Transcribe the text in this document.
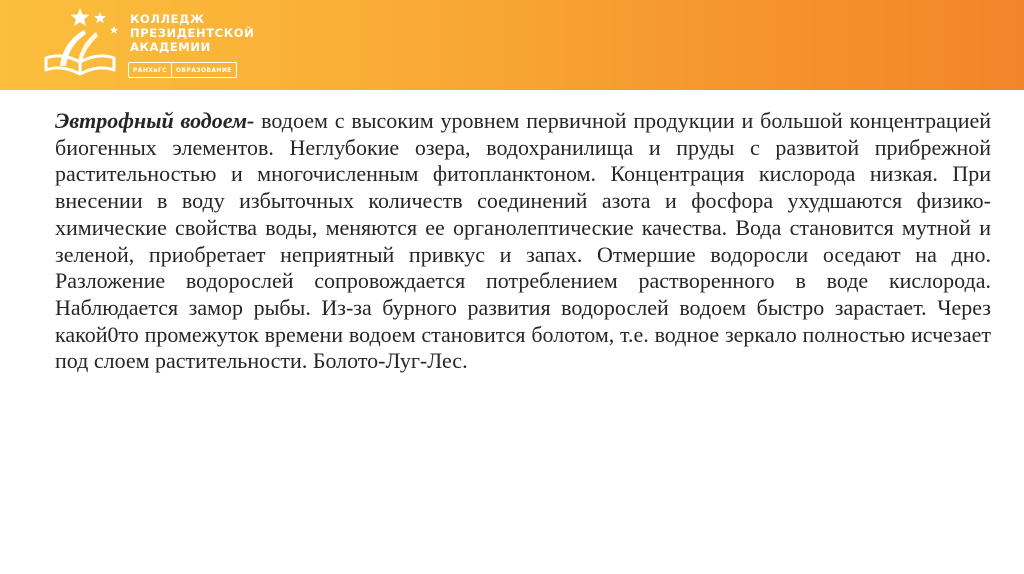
КОЛЛЕДЖ
ПРЕЗИДЕНТСКОЙ
АКАДЕМИИ
РАНХиГС	ОБРАЗОВАНИЕ
Эвтрофный водоем- водоем с высоким уровнем первичной продукции и большой концентрацией биогенных элементов. Неглубокие озера, водохранилища и пруды с развитой прибрежной растительностью и многочисленным фитопланктоном. Концентрация кислорода низкая. При внесении в воду избыточных количеств соединений азота и фосфора ухудшаются физико-химические свойства воды, меняются ее органолептические качества. Вода становится мутной и зеленой, приобретает неприятный привкус и запах. Отмершие водоросли оседают на дно. Разложение водорослей сопровождается потреблением растворенного в воде кислорода. Наблюдается замор рыбы. Из-за бурного развития водорослей водоем быстро зарастает. Через какой0то промежуток времени водоем становится болотом, т.е. водное зеркало полностью исчезает под слоем растительности. Болото-Луг-Лес.
